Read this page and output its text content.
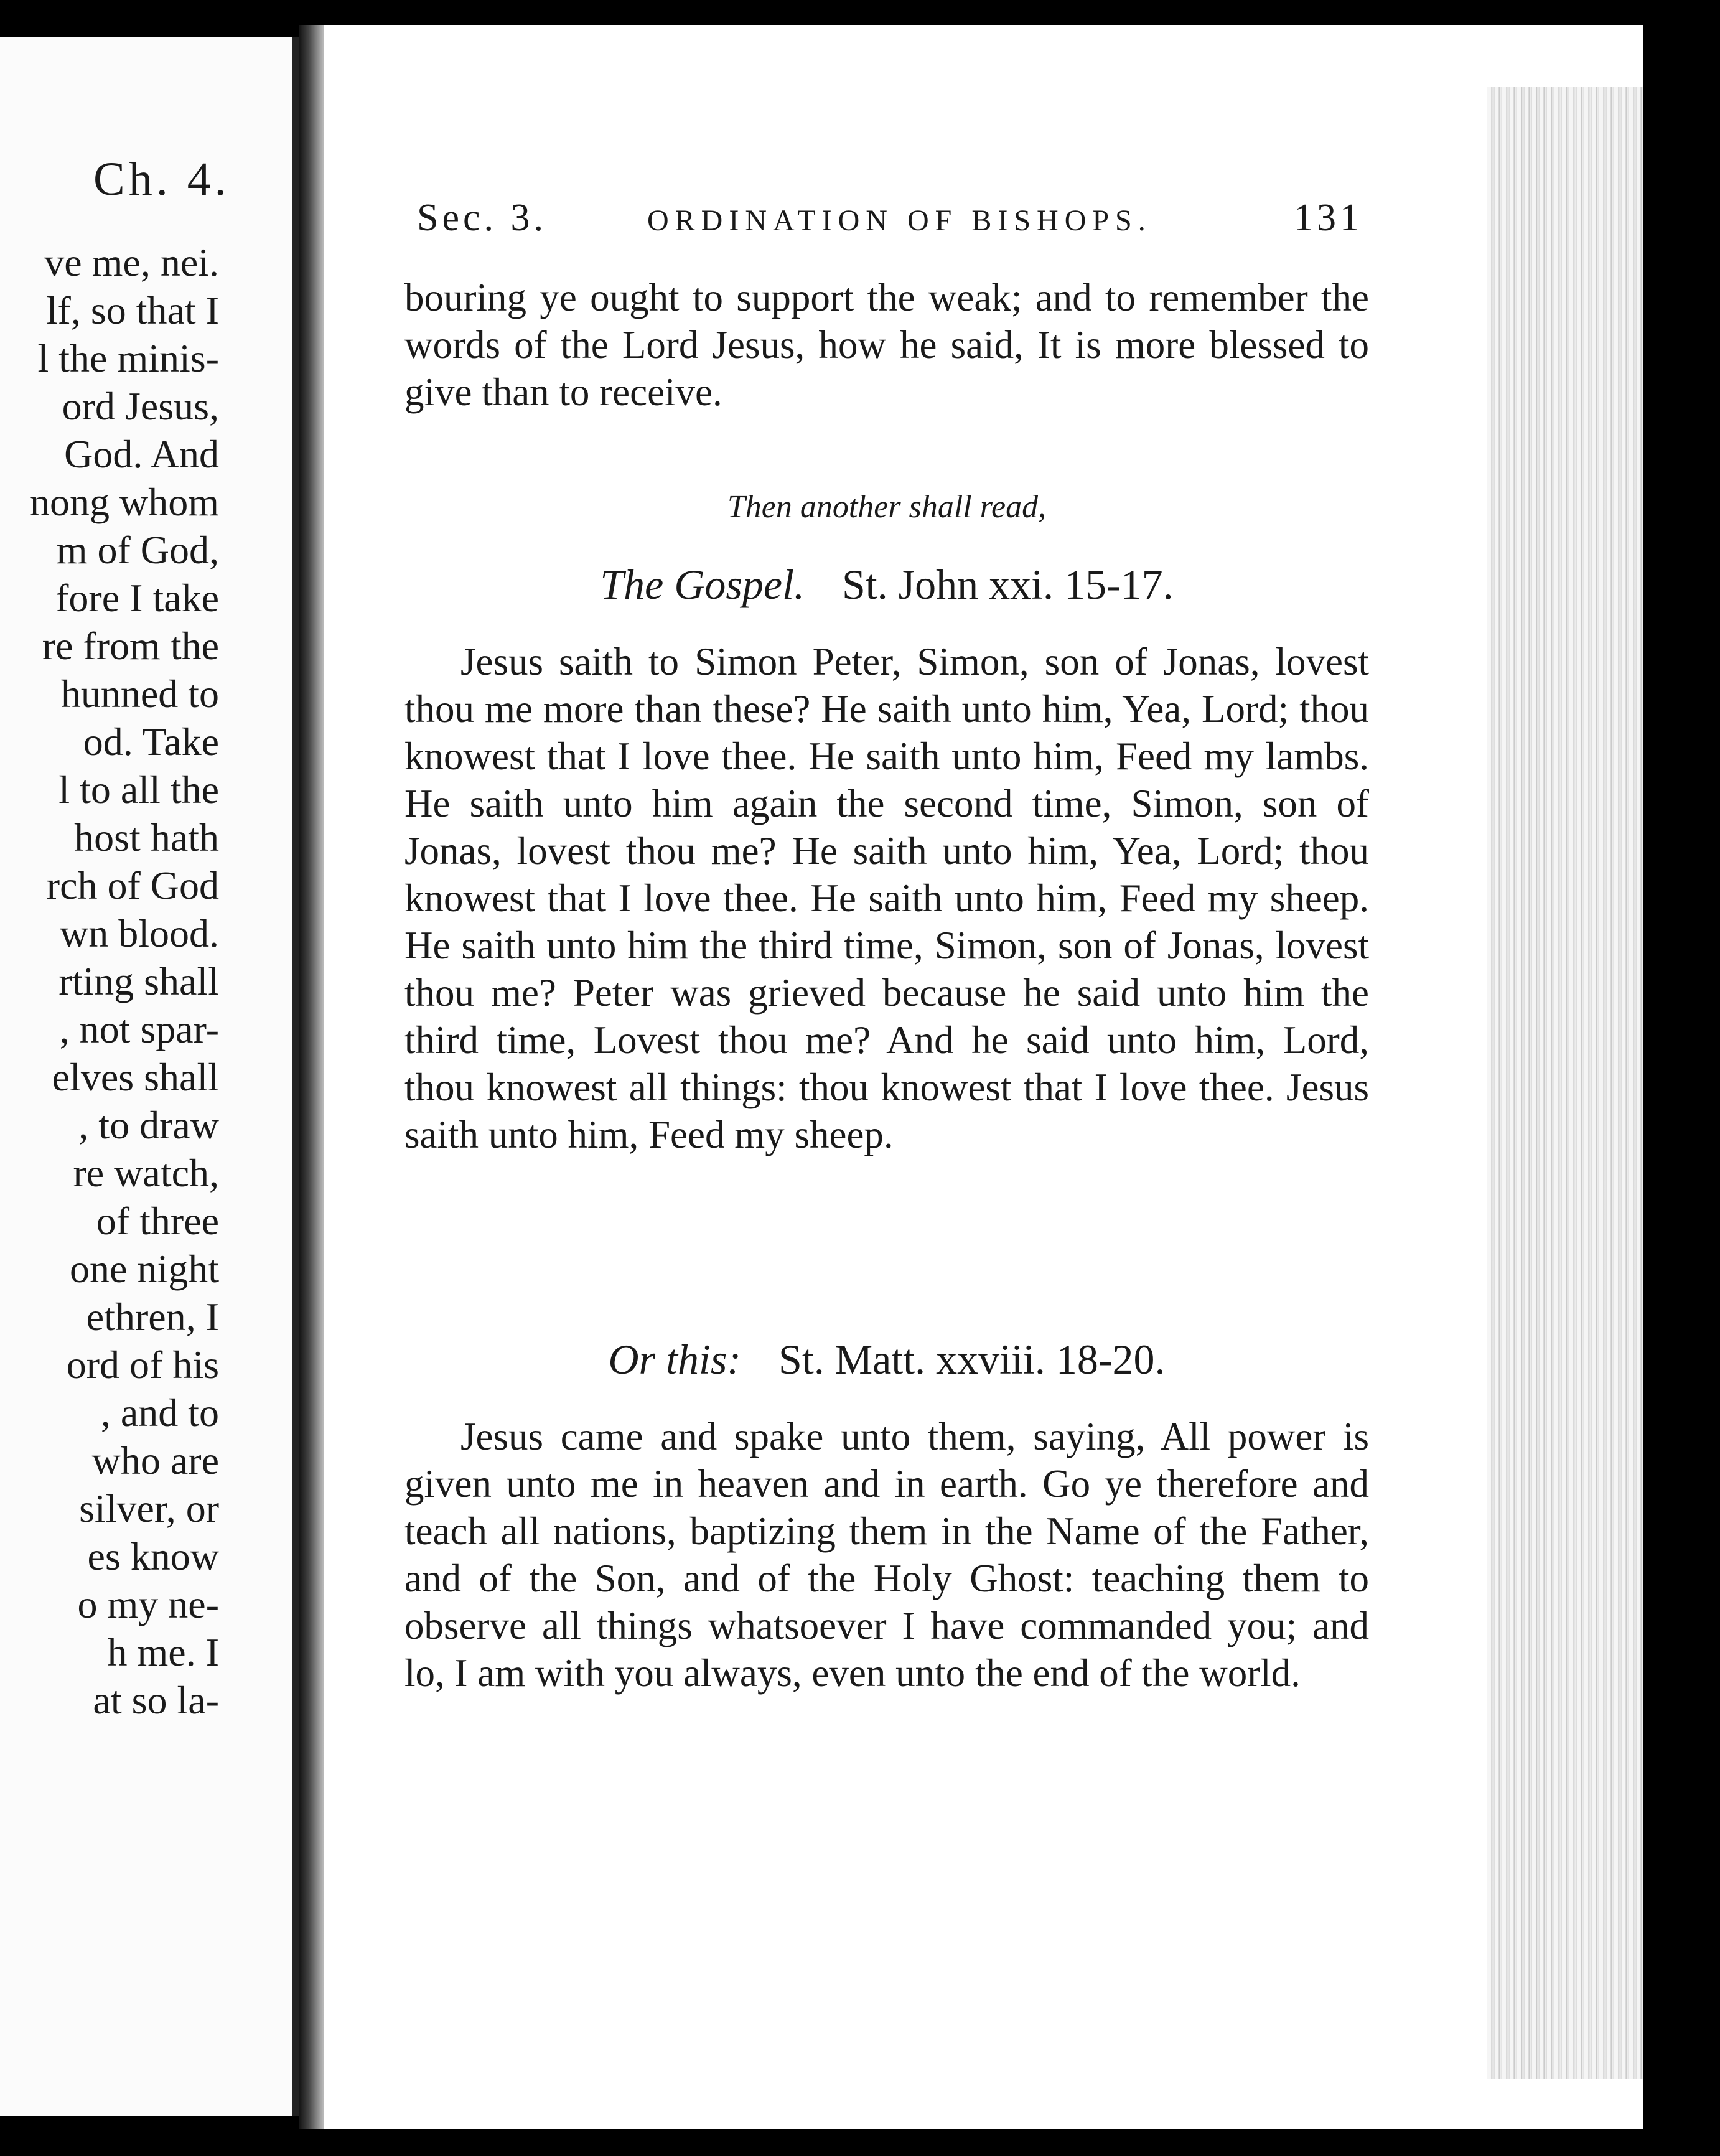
Ch. 4.
ve me, nei.
lf, so that I
l the minis-
ord Jesus,
God. And
nong whom
m of God,
fore I take
re from the
hunned to
od. Take
l to all the
host hath
rch of God
wn blood.
rting shall
, not spar-
elves shall
, to draw
re watch,
of three
one night
ethren, I
ord of his
, and to
who are
silver, or
es know
o my ne-
h me. I
at so la-
Sec. 3.	ORDINATION OF BISHOPS.	131

bouring ye ought to support the weak; and to remember the words of the Lord Jesus, how he said, It is more blessed to give than to receive.

Then another shall read,
The Gospel. St. John xxi. 15-17.

Jesus saith to Simon Peter, Simon, son of Jonas, lovest thou me more than these? He saith unto him, Yea, Lord; thou knowest that I love thee. He saith unto him, Feed my lambs. He saith unto him again the second time, Simon, son of Jonas, lovest thou me? He saith unto him, Yea, Lord; thou knowest that I love thee. He saith unto him, Feed my sheep. He saith unto him the third time, Simon, son of Jonas, lovest thou me? Peter was grieved because he said unto him the third time, Lovest thou me? And he said unto him, Lord, thou knowest all things: thou knowest that I love thee. Jesus saith unto him, Feed my sheep.

Or this: St. Matt. xxviii. 18-20.

Jesus came and spake unto them, saying, All power is given unto me in heaven and in earth. Go ye therefore and teach all nations, baptizing them in the Name of the Father, and of the Son, and of the Holy Ghost: teaching them to observe all things whatsoever I have commanded you; and lo, I am with you always, even unto the end of the world.
